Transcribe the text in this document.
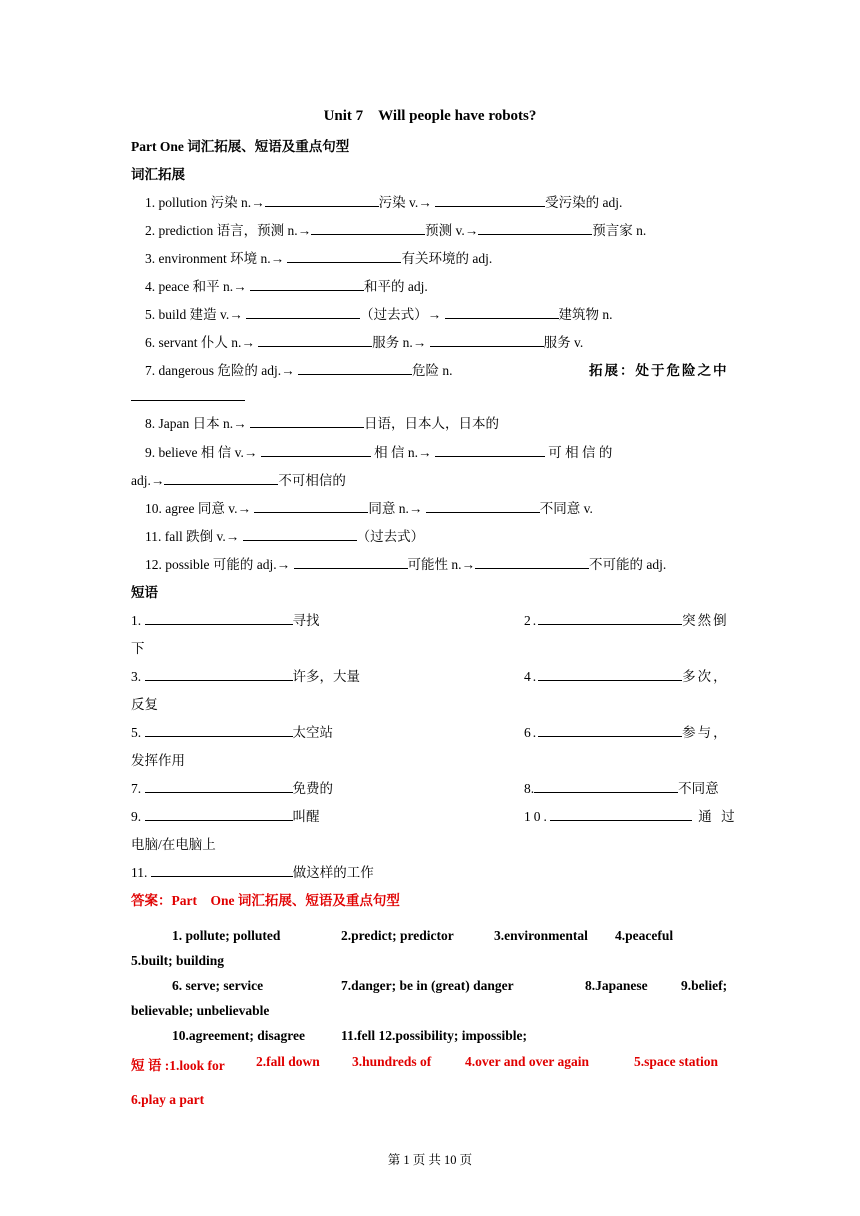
Unit 7　Will people have robots?
Part One 词汇拓展、短语及重点句型
词汇拓展
1. pollution 污染 n.→	污染 v.→	受污染的 adj.
2. prediction 语言，预测 n.→	预测 v.→	预言家 n.
3. environment 环境 n.→	有关环境的 adj.
4. peace 和平 n.→	和平的 adj.
5. build 建造 v.→	（过去式）→	建筑物 n.
6. servant 仆人 n.→	服务 n.→	服务 v.
7. dangerous 危险的 adj.→	危险 n.	拓展：处于危险之中
8. Japan 日本 n.→	日语，日本人，日本的
9. believe 相 信 v.→	相 信 n.→	可 相 信 的
adj.→	不可相信的
10. agree 同意 v.→	同意 n.→	不同意 v.
11. fall 跌倒 v.→	（过去式）
12. possible 可能的 adj.→	可能性 n.→	不可能的 adj.
短语
1.	寻找	2.	突然倒
下
3.	许多，大量	4.	多次，
反复
5.	太空站	6.	参与，
发挥作用
7.	免费的	8.	不同意
9.	叫醒	10.	通 过
电脑/在电脑上
11.	做这样的工作
答案：Part　One 词汇拓展、短语及重点句型
1. pollute; polluted	2.predict; predictor	3.environmental 4.peaceful
5.built; building
6. serve; service	7.danger; be in (great) danger	8.Japanese 9.belief;
believable; unbelievable
10.agreement; disagree	11.fell 12.possibility; impossible;
短 语 :1.look for 2.fall down 3.hundreds of 4.over and over again	5.space station
6.play a part
第 1 页 共 10 页
